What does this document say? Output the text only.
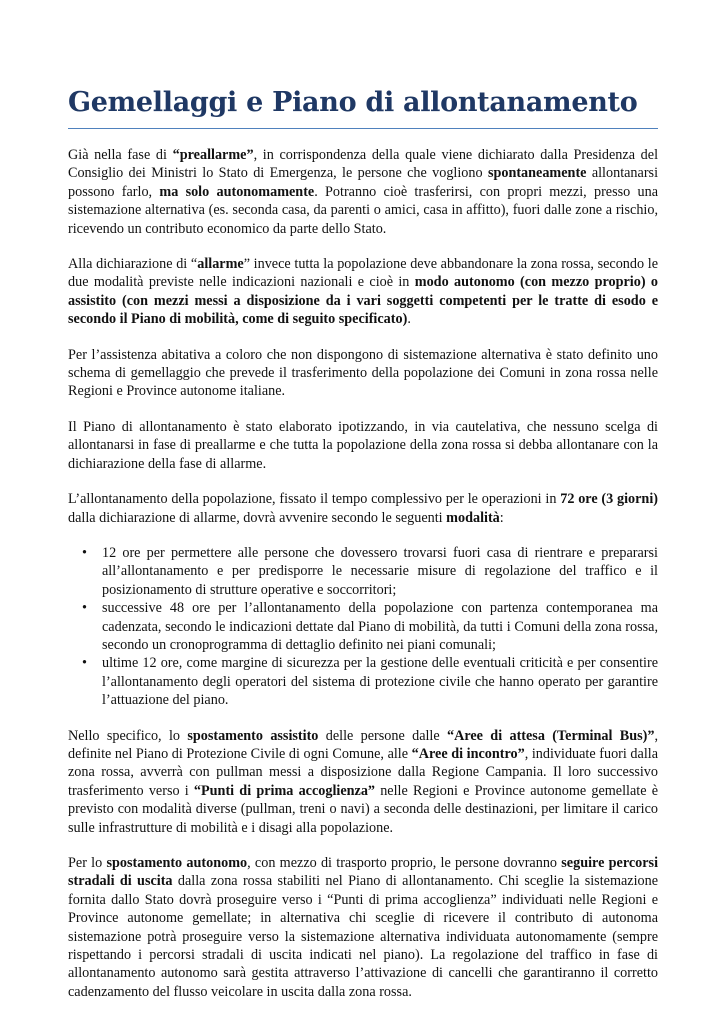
Gemellaggi e Piano di allontanamento

Già nella fase di “preallarme”, in corrispondenza della quale viene dichiarato dalla Presidenza del Consiglio dei Ministri lo Stato di Emergenza, le persone che vogliono spontaneamente allontanarsi possono farlo, ma solo autonomamente. Potranno cioè trasferirsi, con propri mezzi, presso una sistemazione alternativa (es. seconda casa, da parenti o amici, casa in affitto), fuori dalle zone a rischio, ricevendo un contributo economico da parte dello Stato.

Alla dichiarazione di “allarme” invece tutta la popolazione deve abbandonare la zona rossa, secondo le due modalità previste nelle indicazioni nazionali e cioè in modo autonomo (con mezzo proprio) o assistito (con mezzi messi a disposizione da i vari soggetti competenti per le tratte di esodo e secondo il Piano di mobilità, come di seguito specificato).

Per l’assistenza abitativa a coloro che non dispongono di sistemazione alternativa è stato definito uno schema di gemellaggio che prevede il trasferimento della popolazione dei Comuni in zona rossa nelle Regioni e Province autonome italiane.

Il Piano di allontanamento è stato elaborato ipotizzando, in via cautelativa, che nessuno scelga di allontanarsi in fase di preallarme e che tutta la popolazione della zona rossa si debba allontanare con la dichiarazione della fase di allarme.

L’allontanamento della popolazione, fissato il tempo complessivo per le operazioni in 72 ore (3 giorni) dalla dichiarazione di allarme, dovrà avvenire secondo le seguenti modalità:

• 12 ore per permettere alle persone che dovessero trovarsi fuori casa di rientrare e prepararsi all’allontanamento e per predisporre le necessarie misure di regolazione del traffico e il posizionamento di strutture operative e soccorritori;
• successive 48 ore per l’allontanamento della popolazione con partenza contemporanea ma cadenzata, secondo le indicazioni dettate dal Piano di mobilità, da tutti i Comuni della zona rossa, secondo un cronoprogramma di dettaglio definito nei piani comunali;
• ultime 12 ore, come margine di sicurezza per la gestione delle eventuali criticità e per consentire l’allontanamento degli operatori del sistema di protezione civile che hanno operato per garantire l’attuazione del piano.

Nello specifico, lo spostamento assistito delle persone dalle “Aree di attesa (Terminal Bus)”, definite nel Piano di Protezione Civile di ogni Comune, alle “Aree di incontro”, individuate fuori dalla zona rossa, avverrà con pullman messi a disposizione dalla Regione Campania. Il loro successivo trasferimento verso i “Punti di prima accoglienza” nelle Regioni e Province autonome gemellate è previsto con modalità diverse (pullman, treni o navi) a seconda delle destinazioni, per limitare il carico sulle infrastrutture di mobilità e i disagi alla popolazione.

Per lo spostamento autonomo, con mezzo di trasporto proprio, le persone dovranno seguire percorsi stradali di uscita dalla zona rossa stabiliti nel Piano di allontanamento. Chi sceglie la sistemazione fornita dallo Stato dovrà proseguire verso i “Punti di prima accoglienza” individuati nelle Regioni e Province autonome gemellate; in alternativa chi sceglie di ricevere il contributo di autonoma sistemazione potrà proseguire verso la sistemazione alternativa individuata autonomamente (sempre rispettando i percorsi stradali di uscita indicati nel piano). La regolazione del traffico in fase di allontanamento autonomo sarà gestita attraverso l’attivazione di cancelli che garantiranno il corretto cadenzamento del flusso veicolare in uscita dalla zona rossa.
